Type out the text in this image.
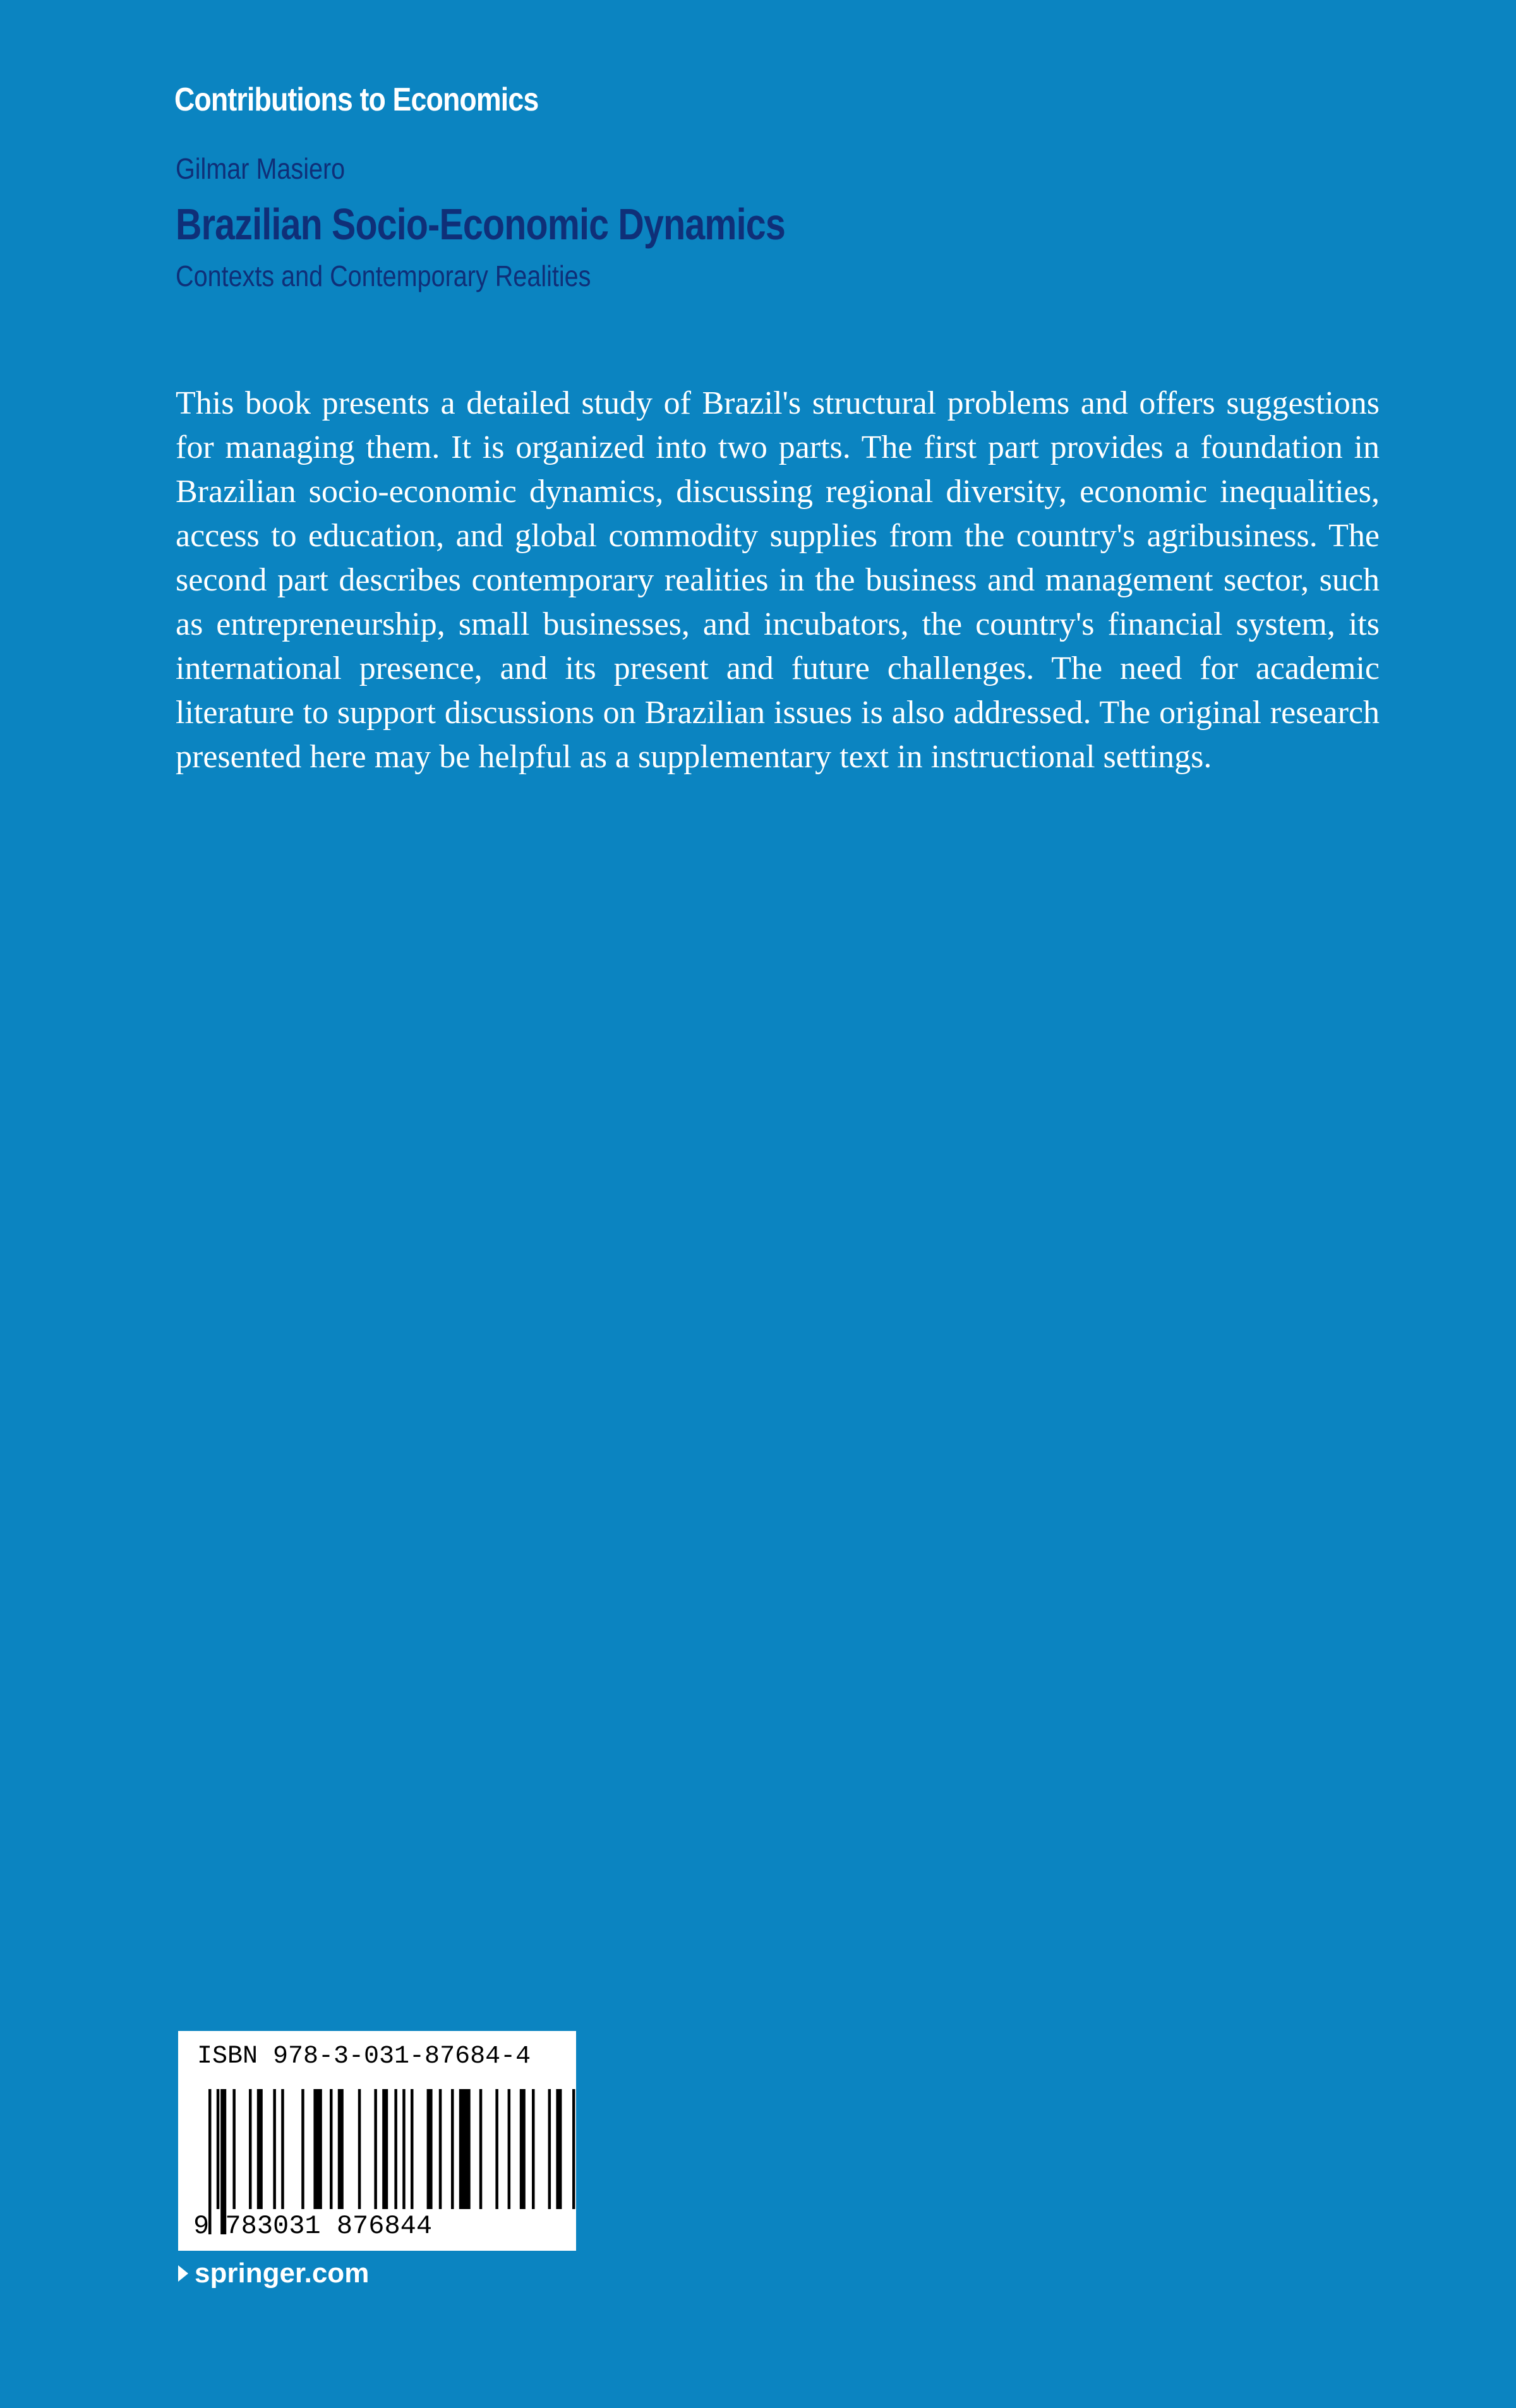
Contributions to Economics
Gilmar Masiero
Brazilian Socio-Economic Dynamics
Contexts and Contemporary Realities

This book presents a detailed study of Brazil's structural problems and offers suggestions for managing them. It is organized into two parts. The first part provides a foundation in Brazilian socio-economic dynamics, discussing regional diversity, economic inequalities, access to education, and global commodity supplies from the country's agribusiness. The second part describes contemporary realities in the business and management sector, such as entrepreneurship, small businesses, and incubators, the country's financial system, its international presence, and its present and future challenges. The need for academic literature to support discussions on Brazilian issues is also addressed. The original research presented here may be helpful as a supplementary text in instructional settings.

ISBN 978-3-031-87684-4
9 783031 876844
springer.com
